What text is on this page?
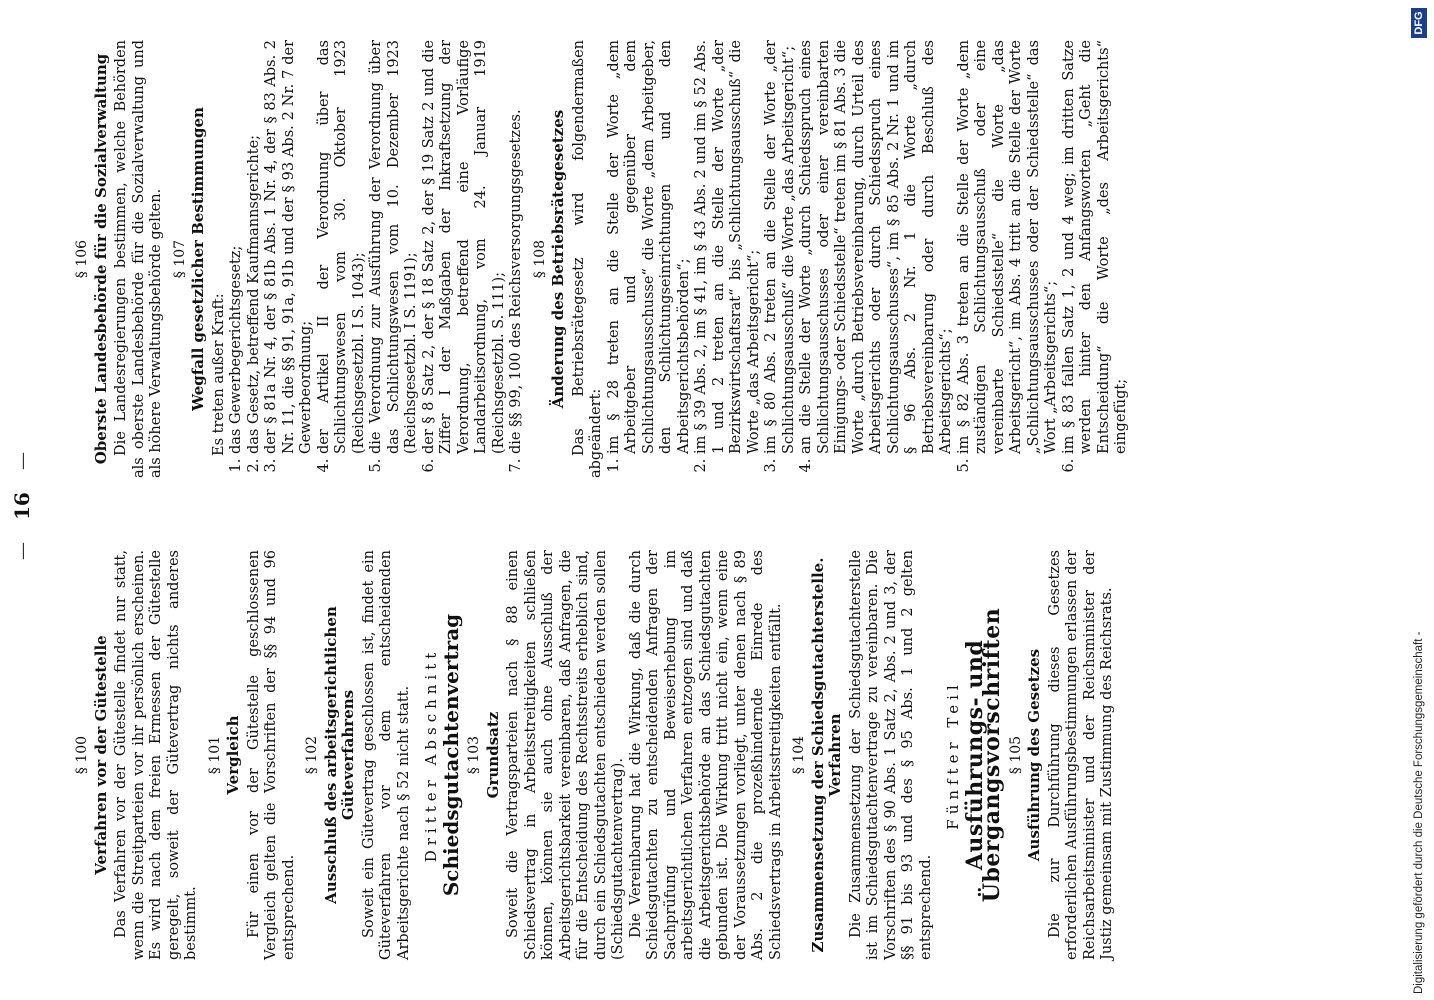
—
16
—
§ 100 Verfahren vor der Gütestelle Das Verfahren vor der Gütestelle findet nur statt, wenn die Streitparteien vor ihr persönlich erscheinen. Es wird nach dem freien Ermessen der Gütestelle geregelt, soweit der Gütevertrag nichts anderes bestimmt.

§ 101 Vergleich Für einen vor der Gütestelle geschlossenen Vergleich gelten die Vorschriften der §§ 94 und 96 entsprechend.

§ 102 Ausschluß des arbeitsgerichtlichen Güteverfahrens Soweit ein Gütevertrag geschlossen ist, findet ein Güteverfahren vor dem entscheidenden Arbeitsgerichte nach § 52 nicht statt. Dritter Abschnitt
Schiedsgutachtenvertrag § 103 Grundsatz Soweit die Vertragsparteien nach § 88 einen Schiedsvertrag in Arbeitsstreitigkeiten schließen können, können sie auch ohne Ausschluß der Arbeitsgerichtsbarkeit vereinbaren, daß Anfragen, die für die Entscheidung des Rechtsstreits erheblich sind, durch ein Schiedsgutachten entschieden werden sollen (Schiedsgutachtenvertrag). Die Vereinbarung hat die Wirkung, daß die durch Schiedsgutachten zu entscheidenden Anfragen der Sachprüfung und Beweiserhebung im arbeitsgerichtlichen Verfahren entzogen sind und daß die Arbeitsgerichtsbehörde an das Schiedsgutachten gebunden ist. Die Wirkung tritt nicht ein, wenn eine der Voraussetzungen vorliegt, unter denen nach § 89 Abs. 2 die prozeßhindernde Einrede des Schiedsvertrags in Arbeitsstreitigkeiten entfällt. § 104 Zusammensetzung der Schiedsgutachterstelle. Verfahren Die Zusammensetzung der Schiedsgutachterstelle ist im Schiedsgutachtenvertrage zu vereinbaren. Die Vorschriften des § 90 Abs. 1 Satz 2, Abs. 2 und 3, der §§ 91 bis 93 und des § 95 Abs. 1 und 2 gelten entsprechend.

Fünfter Teil Ausführungs- und Übergangsvorschriften § 105 Ausführung des Gesetzes Die zur Durchführung dieses Gesetzes erforderlichen Ausführungsbestimmungen erlassen der Reichsarbeitsminister und der Reichsminister der Justiz gemeinsam mit Zustimmung des Reichsrats.

§ 106 Oberste Landesbehörde für die Sozialverwaltung Die Landesregierungen bestimmen, welche Behörden als oberste Landesbehörde für die Sozialverwaltung und als höhere Verwaltungsbehörde gelten. § 107 Wegfall gesetzlicher Bestimmungen Es treten außer Kraft: 1. das Gewerbegerichtsgesetz; 2. das Gesetz, betreffend Kaufmannsgerichte; 3. der § 81a Nr. 4, der § 81b Abs. 1 Nr. 4, der § 83 Abs. 2 Nr. 11, die §§ 91, 91a, 91b und der § 93 Abs. 2 Nr. 7 der Gewerbeordnung; 4. der Artikel II der Verordnung über das Schlichtungswesen vom 30. Oktober 1923 (Reichsgesetzbl. I S. 1043); 5. die Verordnung zur Ausführung der Verordnung über das Schlichtungswesen vom 10. Dezember 1923 (Reichsgesetzbl. I S. 1191); 6. der § 8 Satz 2, der § 18 Satz 2, der § 19 Satz 2 und die Ziffer I der Maßgaben der Inkraftsetzung der Verordnung, betreffend eine Vorläufige Landarbeitsordnung, vom 24. Januar 1919 (Reichsgesetzbl. S. 111); 7. die §§ 99, 100 des Reichsversorgungsgesetzes. § 108 Änderung des Betriebsrätegesetzes Das Betriebsrätegesetz wird folgendermaßen abgeändert: 1. im § 28 treten an die Stelle der Worte „dem Arbeitgeber und gegenüber dem Schlichtungsausschusse“ die Worte „dem Arbeitgeber, den Schlichtungseinrichtungen und den Arbeitsgerichtsbehörden“; 2. im § 39 Abs. 2, im § 41, im § 43 Abs. 2 und im § 52 Abs. 1 und 2 treten an die Stelle der Worte „der Bezirkswirtschaftsrat“ bis „Schlichtungsausschuß“ die Worte „das Arbeitsgericht“; 3. im § 80 Abs. 2 treten an die Stelle der Worte „der Schlichtungsausschuß“ die Worte „das Arbeitsgericht“; 4. an die Stelle der Worte „durch Schiedsspruch eines Schlichtungsausschusses oder einer vereinbarten Einigungs- oder Schiedsstelle“ treten im § 81 Abs. 3 die Worte „durch Betriebsvereinbarung, durch Urteil des Arbeitsgerichts oder durch Schiedsspruch eines Schlichtungsausschusses“, im § 85 Abs. 2 Nr. 1 und im § 96 Abs. 2 Nr. 1 die Worte „durch Betriebsvereinbarung oder durch Beschluß des Arbeitsgerichts“; 5. im § 82 Abs. 3 treten an die Stelle der Worte „dem zuständigen Schlichtungsausschuß oder eine vereinbarte Schiedsstelle“ die Worte „das Arbeitsgericht“, im Abs. 4 tritt an die Stelle der Worte „Schlichtungsausschusses oder der Schiedsstelle“ das Wort „Arbeitsgerichts“; 6. im § 83 fallen Satz 1, 2 und 4 weg; im dritten Satze werden hinter den Anfangsworten „Geht die Entscheidung“ die Worte „des Arbeitsgerichts“ eingefügt;
Digitalisierung gefördert durch die Deutsche Forschungsgemeinschaft -
DFG
